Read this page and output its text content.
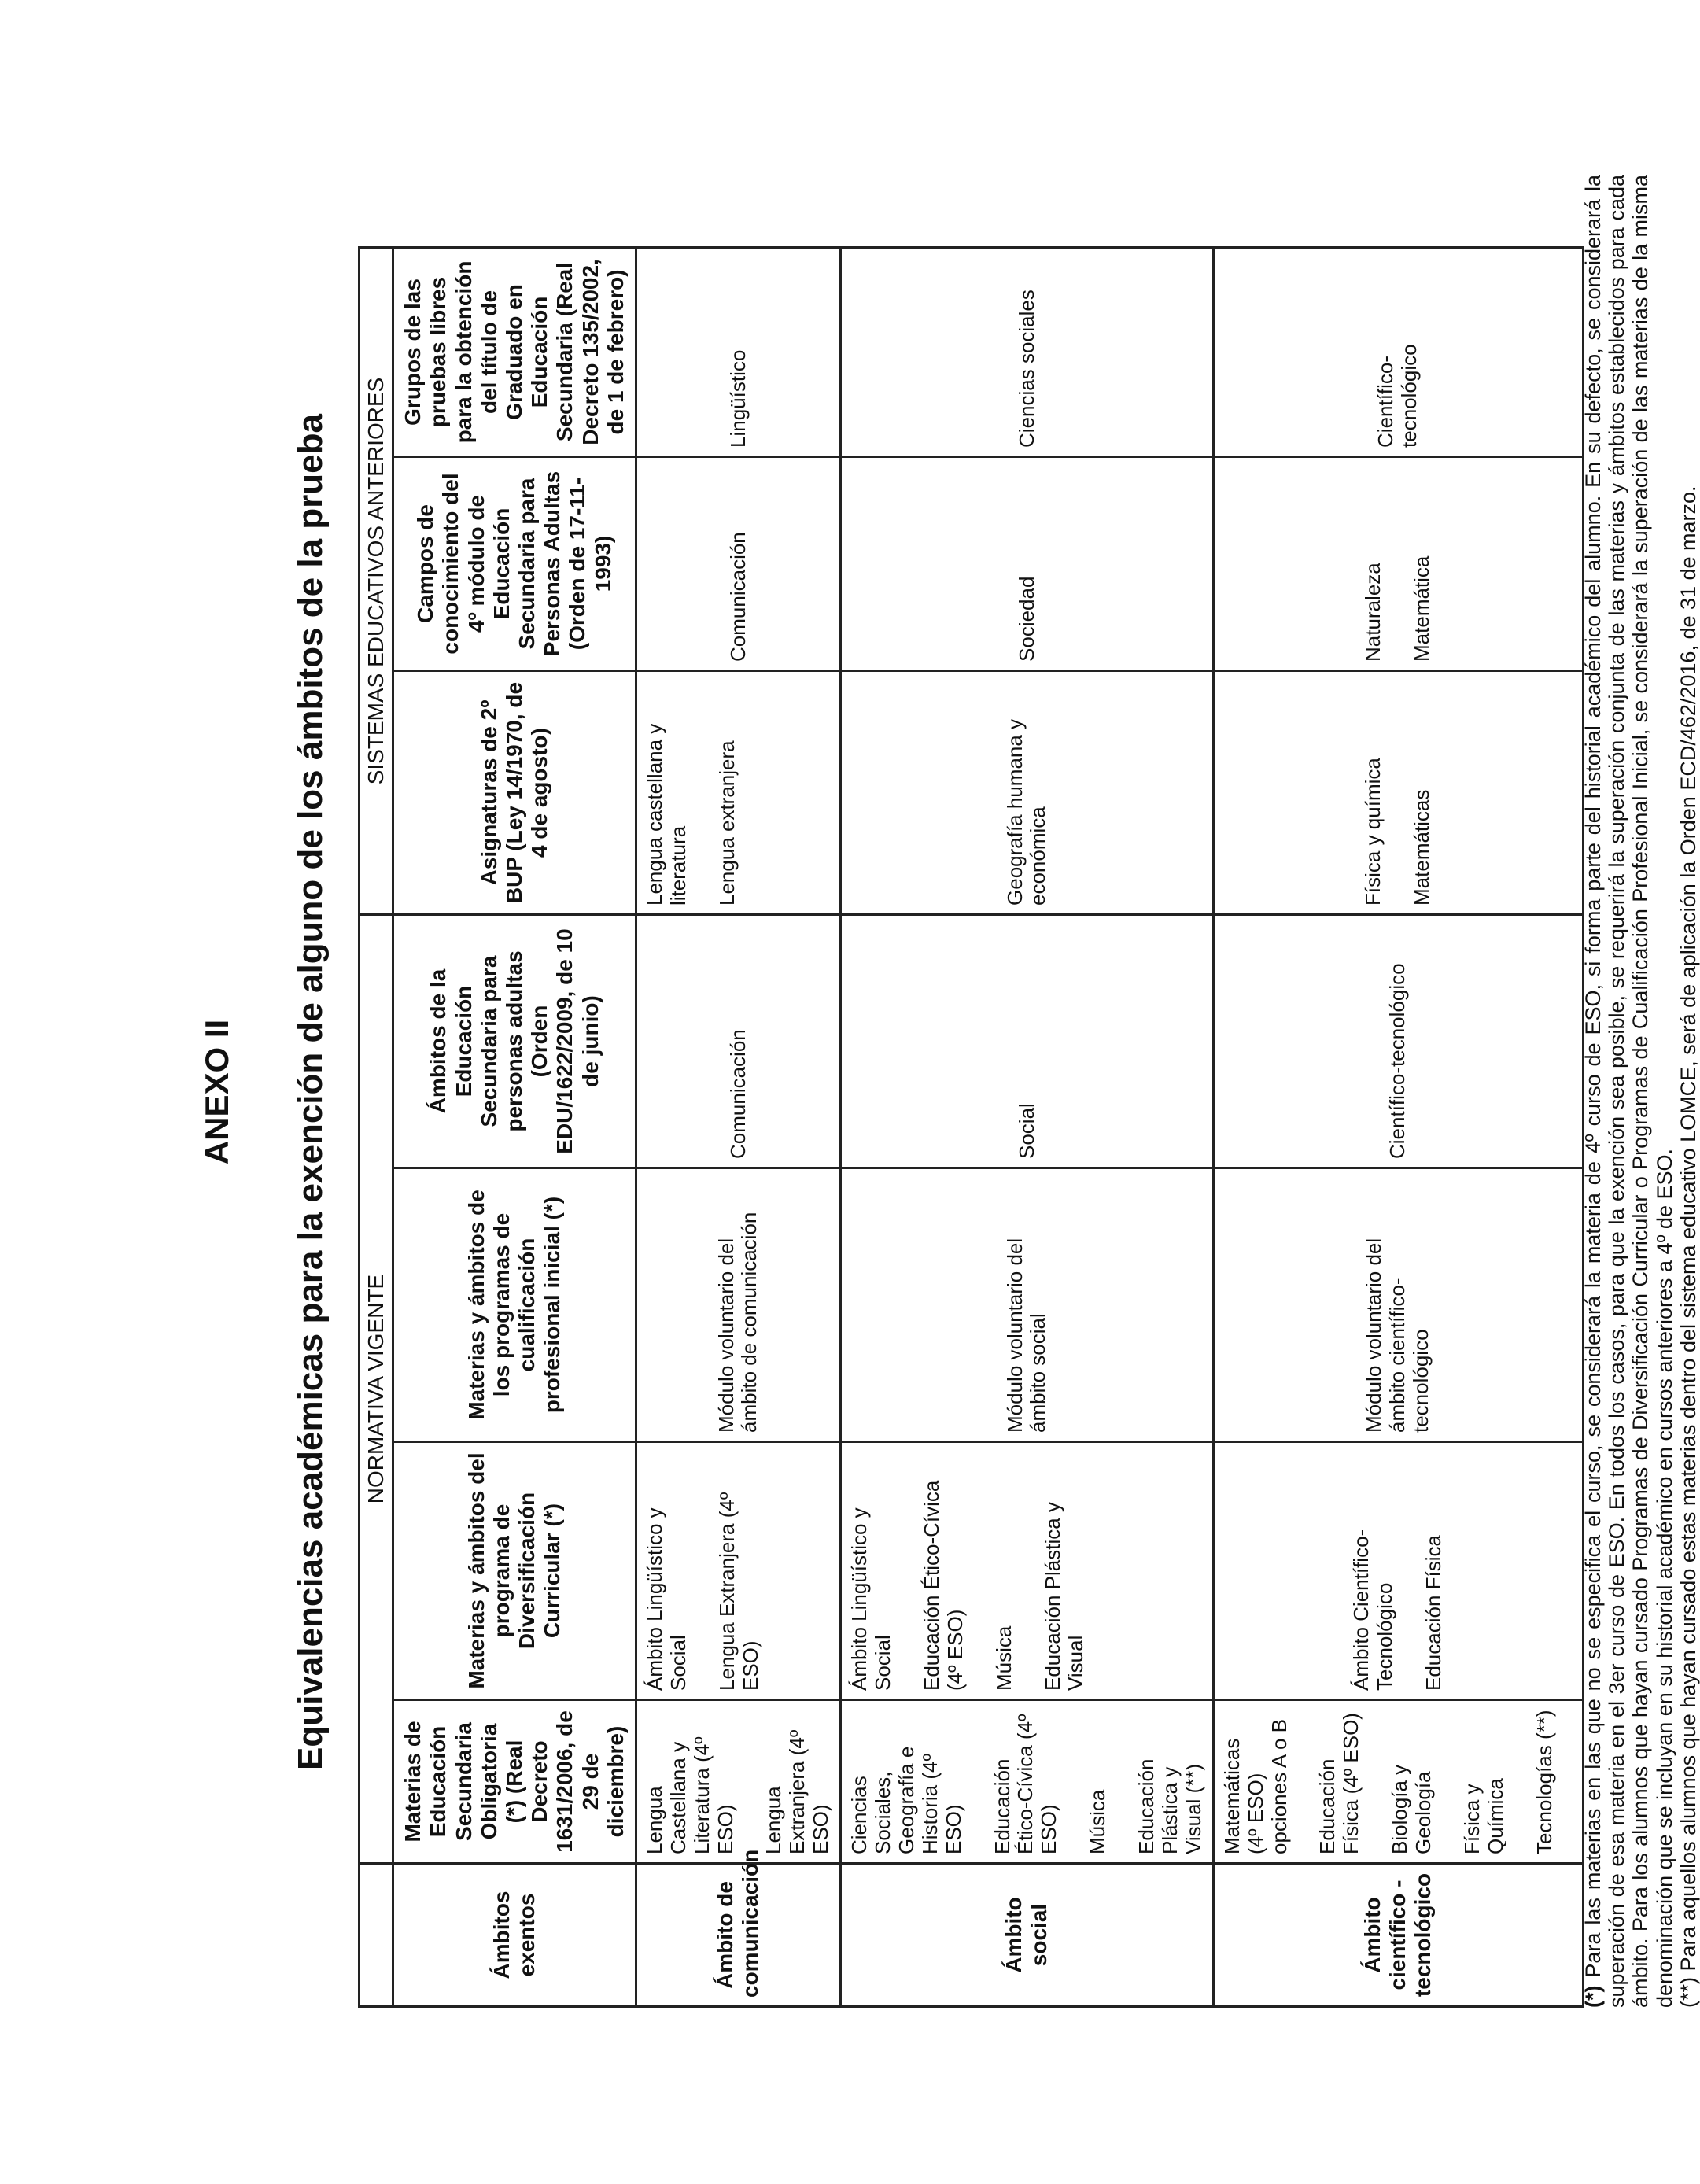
ANEXO II Equivalencias académicas para la exención de alguno de los ámbitos de la prueba
	NORMATIVA VIGENTE				SISTEMAS EDUCATIVOS ANTERIORES		
Ámbitos exentos	Materias de Educación Secundaria Obligatoria (*) (Real Decreto 1631/2006, de 29 de diciembre)	Materias y ámbitos del programa de Diversificación Curricular (*)	Materias y ámbitos de los programas de cualificación profesional inicial (*)	Ámbitos de la Educación Secundaria para personas adultas (Orden EDU/1622/2009, de 10 de junio)	Asignaturas de 2º BUP (Ley 14/1970, de 4 de agosto)	Campos de conocimiento del 4º módulo de Educación Secundaria para Personas Adultas (Orden de 17-11-1993)	Grupos de las pruebas libres para la obtención del título de Graduado en Educación Secundaria (Real Decreto 135/2002, de 1 de febrero)
Ámbito de comunicación	Lengua Castellana y Literatura (4º ESO) Lengua Extranjera (4º ESO)	Ámbito Lingüístico y Social Lengua Extranjera (4º ESO)	Módulo voluntario del ámbito de comunicación	Comunicación	Lengua castellana y literatura Lengua extranjera	Comunicación	Lingüístico
Ámbito social	Ciencias Sociales, Geografía e Historia (4º ESO) Educación Ético-Cívica (4º ESO) Música Educación Plástica y Visual (**)	Ámbito Lingüístico y Social Educación Ético-Cívica (4º ESO) Música Educación Plástica y Visual	Módulo voluntario del ámbito social	Social	Geografía humana y económica	Sociedad	Ciencias sociales
Ámbito científico - tecnológico	Matemáticas (4º ESO) opciones A o B Educación Física (4º ESO) Biología y Geología Física y Química Tecnologías (**)	Ámbito Científico-Tecnológico Educación Física	Módulo voluntario del ámbito científico-tecnológico	Científico-tecnológico	Física y química Matemáticas	Naturaleza Matemática	Científico-tecnológico

(*) Para las materias en las que no se especifica el curso, se considerará la materia de 4º curso de ESO, si forma parte del historial académico del alumno. En su defecto, se considerará la superación de esa materia en el 3er curso de ESO. En todos los casos, para que la exención sea posible, se requerirá la superación conjunta de las materias y ámbitos establecidos para cada ámbito. Para los alumnos que hayan cursado Programas de Diversificación Curricular o Programas de Cualificación Profesional Inicial, se considerará la superación de las materias de la misma denominación que se incluyan en su historial académico en cursos anteriores a 4º de ESO. (**) Para aquellos alumnos que hayan cursado estas materias dentro del sistema educativo LOMCE, será de aplicación la Orden ECD/462/2016, de 31 de marzo.
